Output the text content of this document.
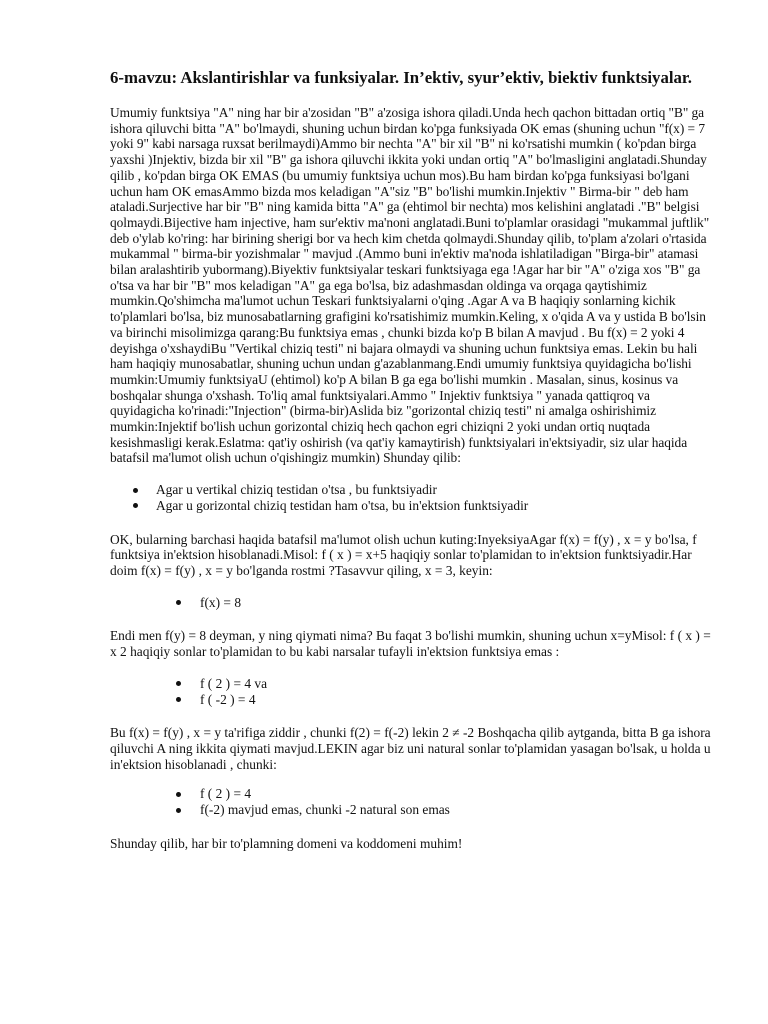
6-mavzu: Akslantirishlar va funksiyalar. In’ektiv, syur’ektiv, biektiv funktsiyalar.

Umumiy funktsiya "A" ning har bir a'zosidan "B" a'zosiga ishora qiladi.Unda hech qachon bittadan ortiq "B" ga ishora qiluvchi bitta "A" bo'lmaydi, shuning uchun birdan ko'pga funksiyada OK emas (shuning uchun "f(x) = 7 yoki 9" kabi narsaga ruxsat berilmaydi)Ammo bir nechta "A" bir xil "B" ni ko'rsatishi mumkin ( ko'pdan birga yaxshi )Injektiv, bizda bir xil "B" ga ishora qiluvchi ikkita yoki undan ortiq "A" bo'lmasligini anglatadi.Shunday qilib , ko'pdan birga OK EMAS (bu umumiy funktsiya uchun mos).Bu ham birdan ko'pga funksiyasi bo'lgani uchun ham OK emasAmmo bizda mos keladigan "A"siz "B" bo'lishi mumkin.Injektiv " Birma-bir " deb ham ataladi.Surjective har bir "B" ning kamida bitta "A" ga (ehtimol bir nechta) mos kelishini anglatadi ."B" belgisi qolmaydi.Bijective ham injective, ham sur'ektiv ma'noni anglatadi.Buni to'plamlar orasidagi "mukammal juftlik" deb o'ylab ko'ring: har birining sherigi bor va hech kim chetda qolmaydi.Shunday qilib, to'plam a'zolari o'rtasida mukammal " birma-bir yozishmalar " mavjud .(Ammo buni in'ektiv ma'noda ishlatiladigan "Birga-bir" atamasi bilan aralashtirib yubormang).Biyektiv funktsiyalar teskari funktsiyaga ega !Agar har bir "A" o'ziga xos "B" ga o'tsa va har bir "B" mos keladigan "A" ga ega bo'lsa, biz adashmasdan oldinga va orqaga qaytishimiz mumkin.Qo'shimcha ma'lumot uchun Teskari funktsiyalarni o'qing .Agar A va B haqiqiy sonlarning kichik to'plamlari bo'lsa, biz munosabatlarning grafigini ko'rsatishimiz mumkin.Keling, x o'qida A va y ustida B bo'lsin va birinchi misolimizga qarang:Bu funktsiya emas , chunki bizda ko'p B bilan A mavjud . Bu f(x) = 2 yoki 4 deyishga o'xshaydiBu "Vertikal chiziq testi" ni bajara olmaydi va shuning uchun funktsiya emas. Lekin bu hali ham haqiqiy munosabatlar, shuning uchun undan g'azablanmang.Endi umumiy funktsiya quyidagicha bo'lishi mumkin:Umumiy funktsiyaU (ehtimol) ko'p A bilan B ga ega bo'lishi mumkin . Masalan, sinus, kosinus va boshqalar shunga o'xshash. To'liq amal funktsiyalari.Ammo " Injektiv funktsiya " yanada qattiqroq va quyidagicha ko'rinadi:"Injection" (birma-bir)Aslida biz "gorizontal chiziq testi" ni amalga oshirishimiz mumkin:Injektif bo'lish uchun gorizontal chiziq hech qachon egri chiziqni 2 yoki undan ortiq nuqtada kesishmasligi kerak.Eslatma: qat'iy oshirish (va qat'iy kamaytirish) funktsiyalari in'ektsiyadir, siz ular haqida batafsil ma'lumot olish uchun o'qishingiz mumkin) Shunday qilib:

Agar u vertikal chiziq testidan o'tsa , bu funktsiyadir
Agar u gorizontal chiziq testidan ham o'tsa, bu in'ektsion funktsiyadir

OK, bularning barchasi haqida batafsil ma'lumot olish uchun kuting:InyeksiyaAgar f(x) = f(y) , x = y bo'lsa, f funktsiya in'ektsion hisoblanadi.Misol: f ( x ) = x+5 haqiqiy sonlar to'plamidan to in'ektsion funktsiyadir.Har doim f(x) = f(y) , x = y bo'lganda rostmi ?Tasavvur qiling, x = 3, keyin:

f(x) = 8

Endi men f(y) = 8 deyman, y ning qiymati nima? Bu faqat 3 bo'lishi mumkin, shuning uchun x=yMisol: f ( x ) = x 2 haqiqiy sonlar to'plamidan to bu kabi narsalar tufayli in'ektsion funktsiya emas :

f ( 2 ) = 4 va
f ( -2 ) = 4

Bu f(x) = f(y) , x = y ta'rifiga ziddir , chunki f(2) = f(-2) lekin 2 ≠ -2 Boshqacha qilib aytganda, bitta B ga ishora qiluvchi A ning ikkita qiymati mavjud.LEKIN agar biz uni natural sonlar to'plamidan yasagan bo'lsak, u holda u in'ektsion hisoblanadi , chunki:

f ( 2 ) = 4
f(-2) mavjud emas, chunki -2 natural son emas

Shunday qilib, har bir to'plamning domeni va koddomeni muhim!
